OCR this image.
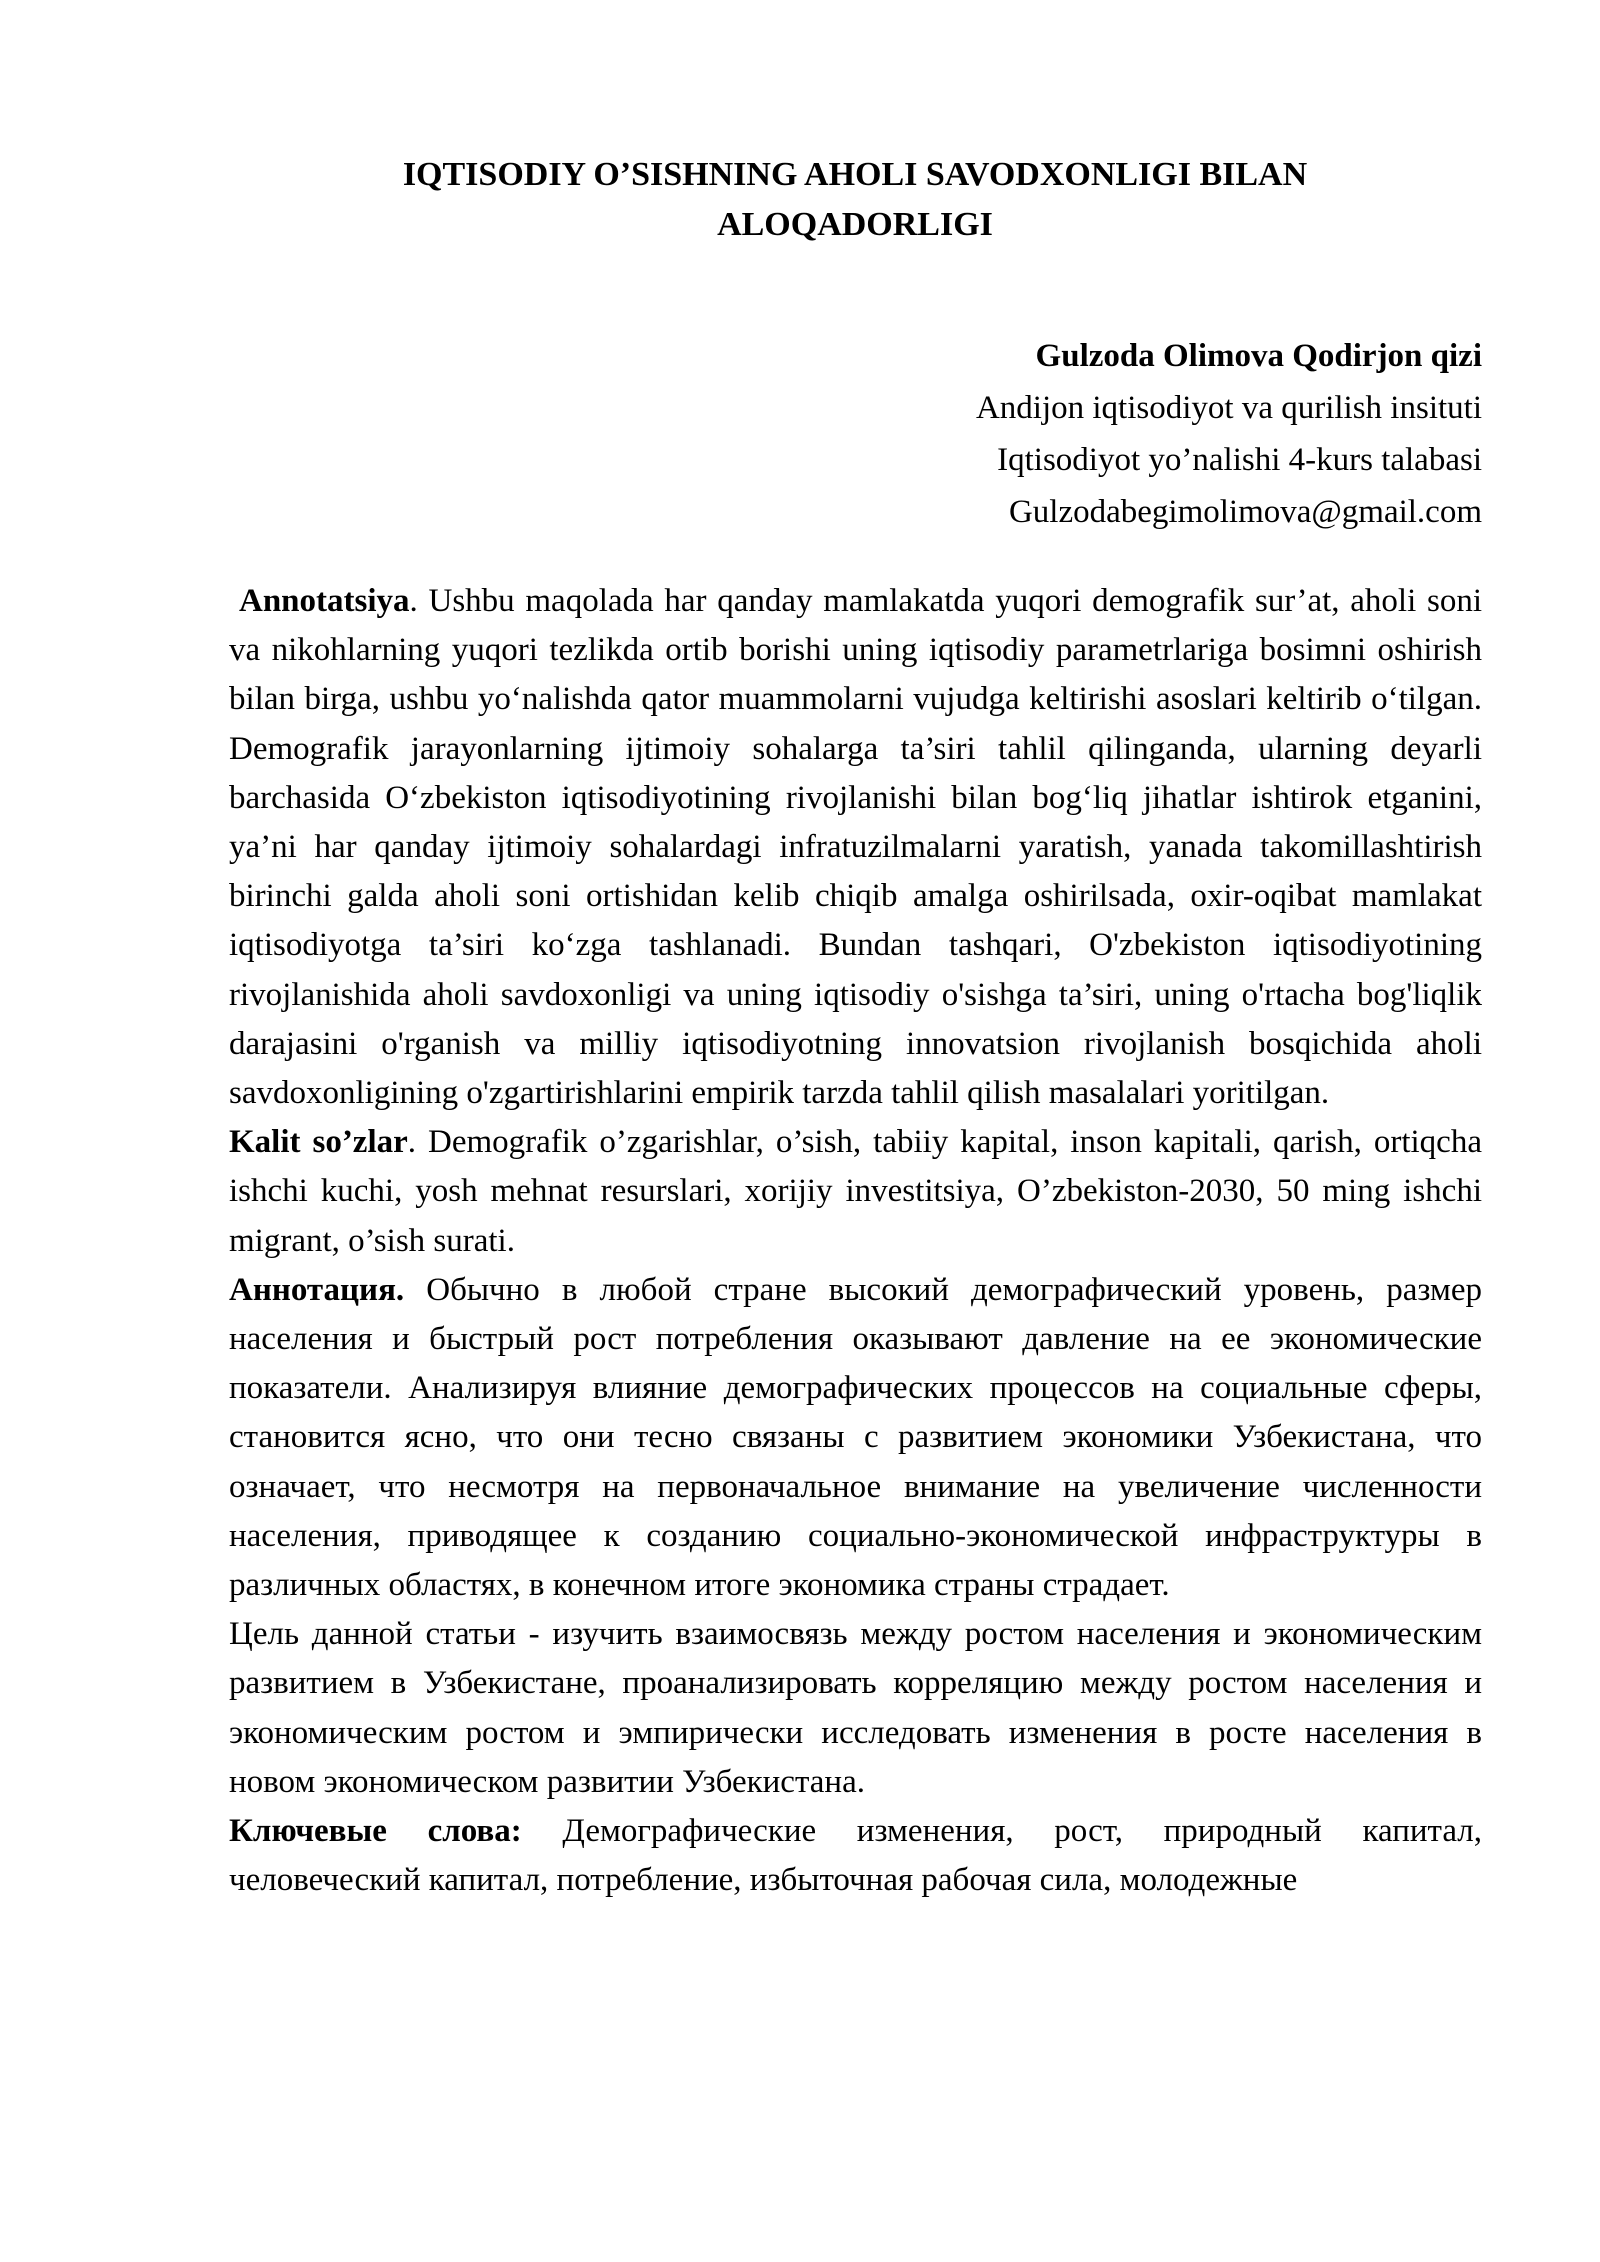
IQTISODIY O’SISHNING AHOLI SAVODXONLIGI BILAN
ALOQADORLIGI
Gulzoda Olimova Qodirjon qizi
Andijon iqtisodiyot va qurilish insituti
Iqtisodiyot yo’nalishi 4-kurs talabasi
Gulzodabegimolimova@gmail.com

Annotatsiya. Ushbu maqolada har qanday mamlakatda yuqori demografik sur’at, aholi soni va nikohlarning yuqori tezlikda ortib borishi uning iqtisodiy parametrlariga bosimni oshirish bilan birga, ushbu yo‘nalishda qator muammolarni vujudga keltirishi asoslari keltirib o‘tilgan. Demografik jarayonlarning ijtimoiy sohalarga ta’siri tahlil qilinganda, ularning deyarli barchasida O‘zbekiston iqtisodiyotining rivojlanishi bilan bog‘liq jihatlar ishtirok etganini, ya’ni har qanday ijtimoiy sohalardagi infratuzilmalarni yaratish, yanada takomillashtirish birinchi galda aholi soni ortishidan kelib chiqib amalga oshirilsada, oxir-oqibat mamlakat iqtisodiyotga ta’siri ko‘zga tashlanadi. Bundan tashqari, O'zbekiston iqtisodiyotining rivojlanishida aholi savdoxonligi va uning iqtisodiy o'sishga ta’siri, uning o'rtacha bog'liqlik darajasini o'rganish va milliy iqtisodiyotning innovatsion rivojlanish bosqichida aholi savdoxonligining o'zgartirishlarini empirik tarzda tahlil qilish masalalari yoritilgan.

Kalit so’zlar. Demografik o’zgarishlar, o’sish, tabiiy kapital, inson kapitali, qarish, ortiqcha ishchi kuchi, yosh mehnat resurslari, xorijiy investitsiya, O’zbekiston-2030, 50 ming ishchi migrant, o’sish surati.

Аннотация. Обычно в любой стране высокий демографический уровень, размер населения и быстрый рост потребления оказывают давление на ее экономические показатели. Анализируя влияние демографических процессов на социальные сферы, становится ясно, что они тесно связаны с развитием экономики Узбекистана, что означает, что несмотря на первоначальное внимание на увеличение численности населения, приводящее к созданию социально-экономической инфраструктуры в различных областях, в конечном итоге экономика страны страдает.

Цель данной статьи - изучить взаимосвязь между ростом населения и экономическим развитием в Узбекистане, проанализировать корреляцию между ростом населения и экономическим ростом и эмпирически исследовать изменения в росте населения в новом экономическом развитии Узбекистана.

Ключевые слова: Демографические изменения, рост, природный капитал, человеческий капитал, потребление, избыточная рабочая сила, молодежные
